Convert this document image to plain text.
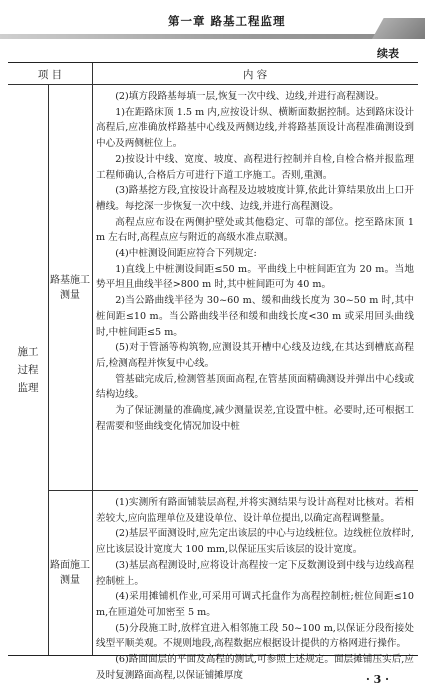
第一章 路基工程监理
续表
项 目	内 容
施工过程监理
路基施工测量

(2)填方段路基每填一层,恢复一次中线、边线,并进行高程测设。

1)在距路床顶 1.5 m 内,应按设计纵、横断面数据控制。达到路床设计高程后,应准确放样路基中心线及两侧边线,并将路基顶设计高程准确测设到中心及两侧桩位上。

2)按设计中线、宽度、坡度、高程进行控制并自检,自检合格并报监理工程师确认,合格后方可进行下道工序施工。否则,重测。

(3)路基挖方段,宜按设计高程及边坡坡度计算,依此计算结果放出上口开槽线。每挖深一步恢复一次中线、边线,并进行高程测设。

高程点应布设在两侧护壁处或其他稳定、可靠的部位。挖至路床顶 1 m 左右时,高程点应与附近的高级水准点联测。

(4)中桩测设间距应符合下列规定:

1)直线上中桩测设间距≤50 m。平曲线上中桩间距宜为 20 m。当地势平坦且曲线半径>800 m 时,其中桩间距可为 40 m。

2)当公路曲线半径为 30~60 m、缓和曲线长度为 30~50 m 时,其中桩间距≤10 m。当公路曲线半径和缓和曲线长度<30 m 或采用回头曲线时,中桩间距≤5 m。

(5)对于管涵等构筑物,应测设其开槽中心线及边线,在其达到槽底高程后,检测高程并恢复中心线。

管基础完成后,检测管基顶面高程,在管基顶面精确测设并弹出中心线或结构边线。

为了保证测量的准确度,减少测量误差,宜设置中桩。必要时,还可根据工程需要和竖曲线变化情况加设中桩

路面施工测量

(1)实测所有路面铺装层高程,并将实测结果与设计高程对比核对。若相差较大,应向监理单位及建设单位、设计单位提出,以确定高程调整量。

(2)基层平面测设时,应先定出该层的中心与边线桩位。边线桩位放样时,应比该层设计宽度大 100 mm,以保证压实后该层的设计宽度。

(3)基层高程测设时,应将设计高程按一定下反数测设到中线与边线高程控制桩上。

(4)采用摊铺机作业,可采用可调式托盘作为高程控制桩;桩位间距≤10 m,在匝道处可加密至 5 m。

(5)分段施工时,放样宜进入相邻施工段 50~100 m,以保证分段衔接处线型平顺美观。不规则地段,高程数据应根据设计提供的方格网进行操作。

(6)路面面层的平面及高程的测试,可参照上述规定。面层摊铺压实后,应及时复测路面高程,以保证铺摊厚度	· 3 ·
